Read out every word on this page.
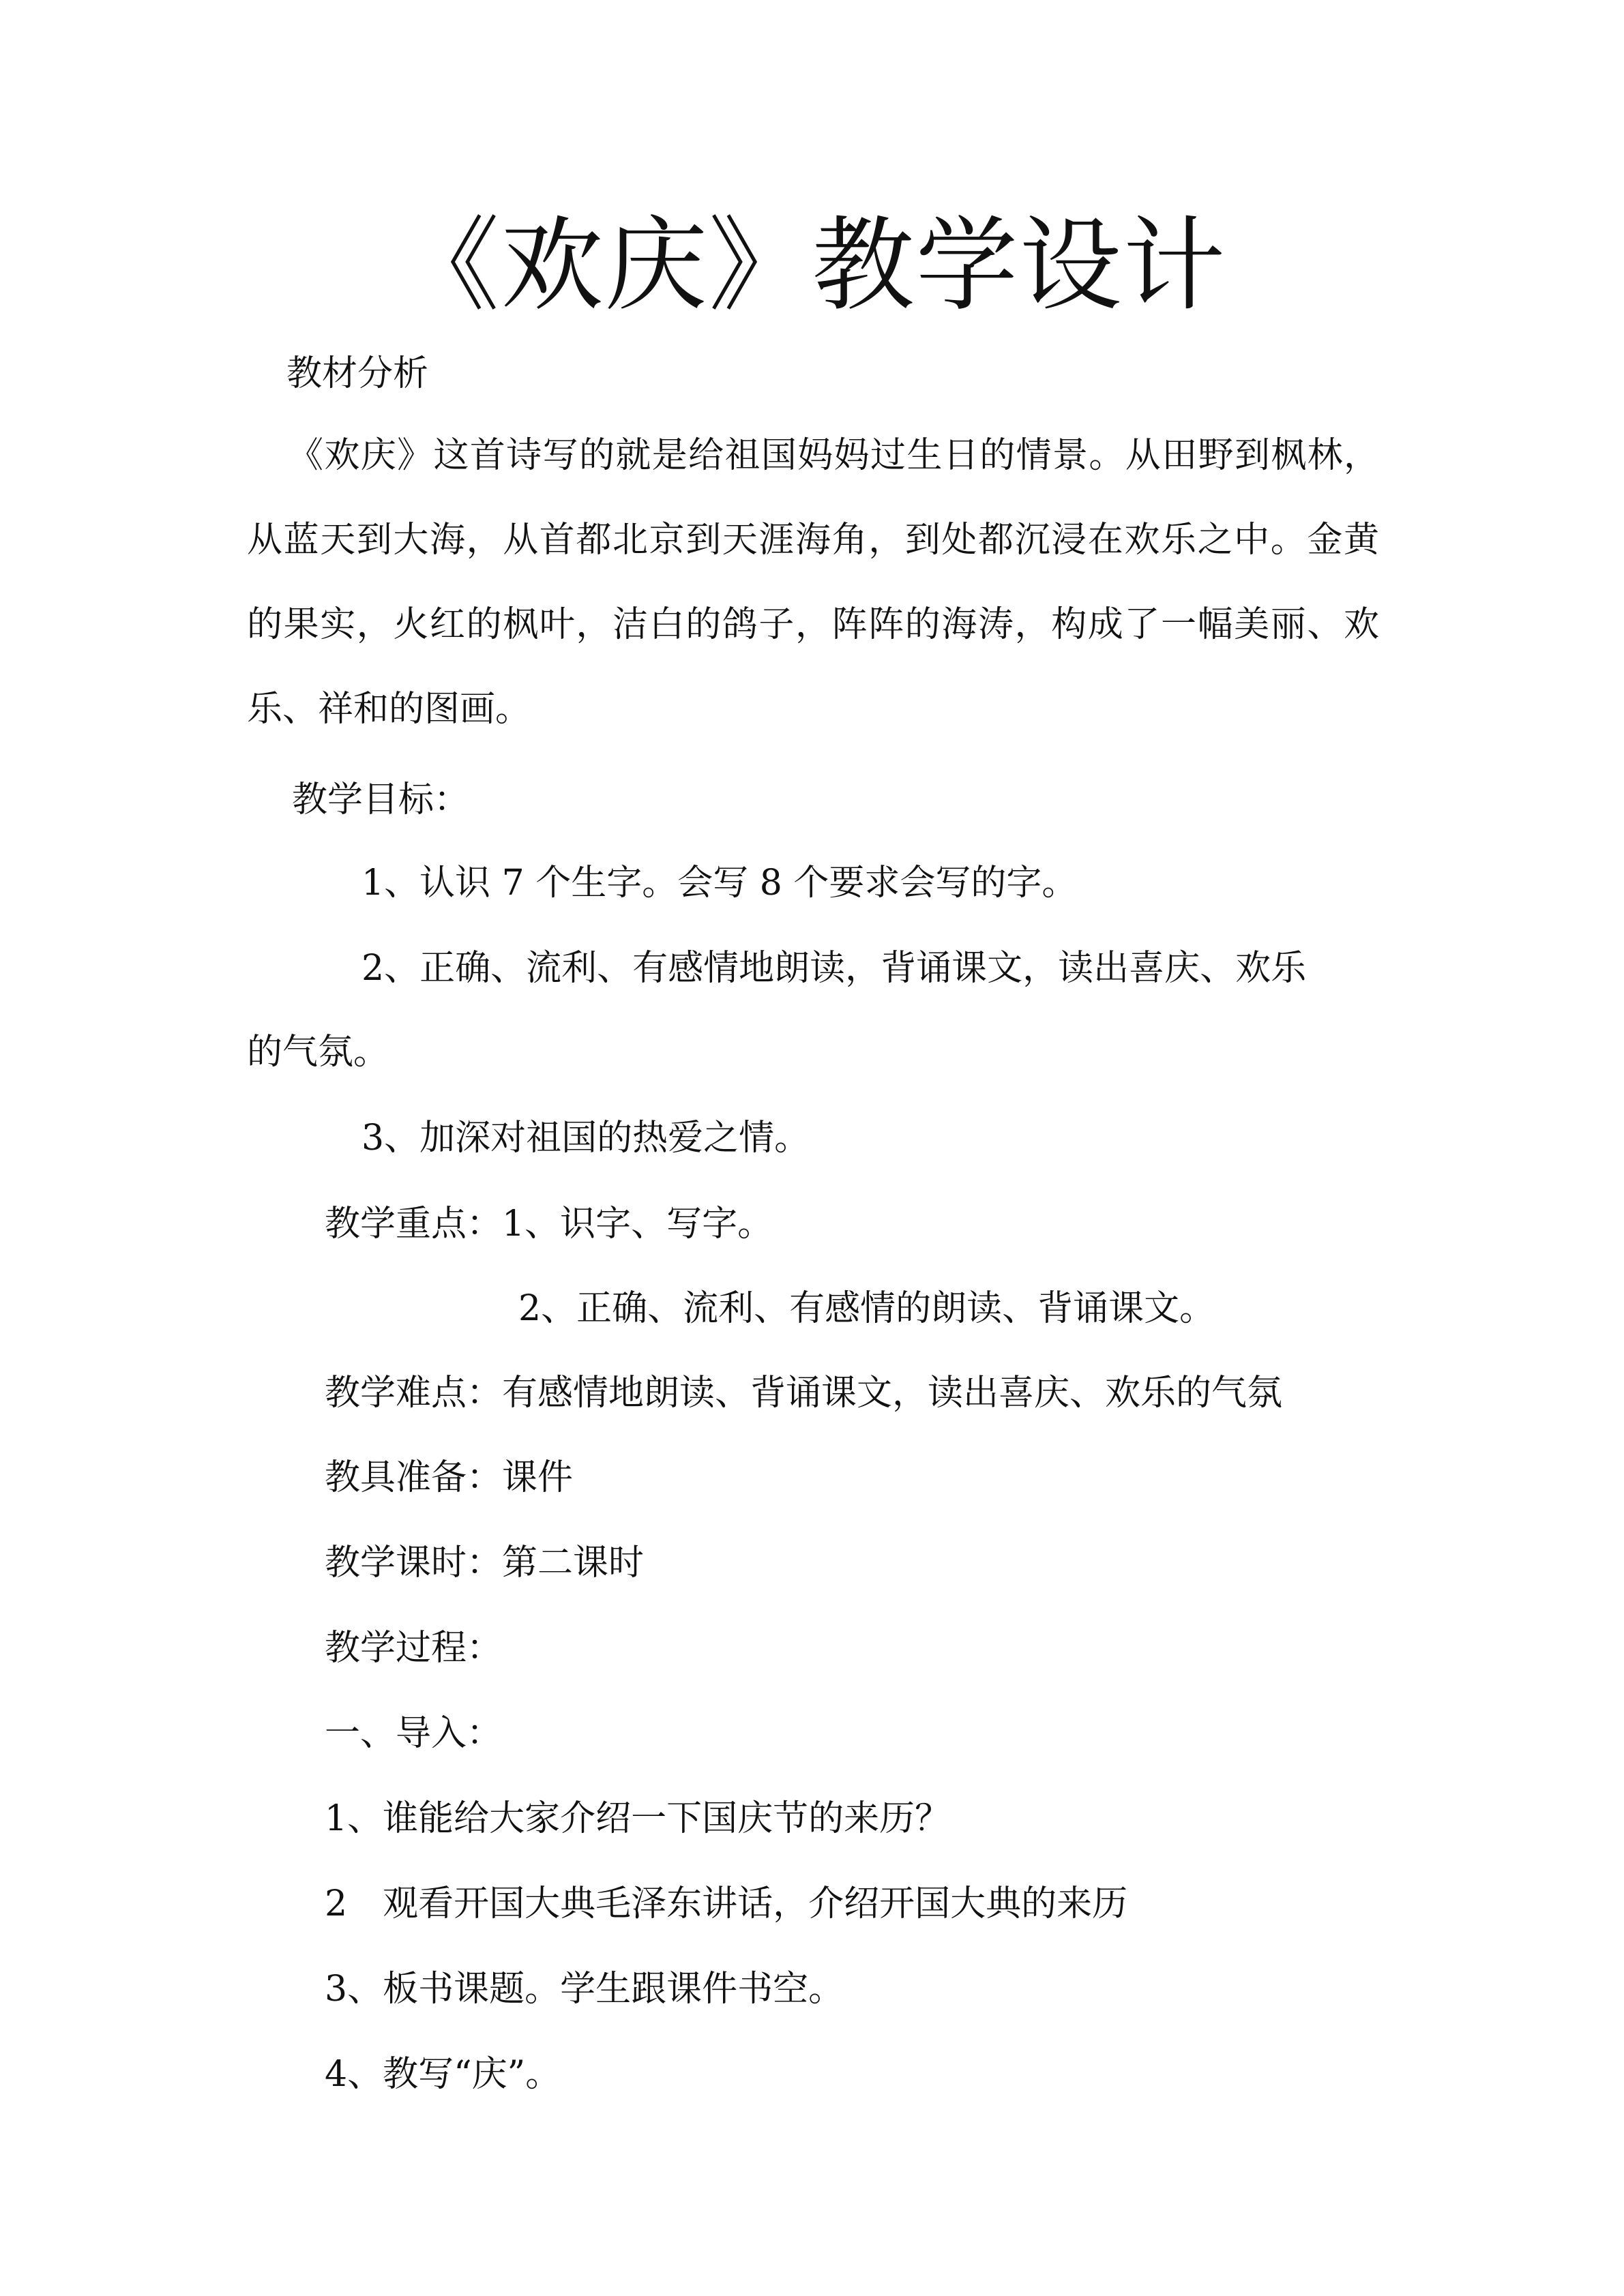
《欢庆》教学设计
教材分析

《欢庆》这首诗写的就是给祖国妈妈过生日的情景。从田野到枫林，从蓝天到大海，从首都北京到天涯海角，到处都沉浸在欢乐之中。金黄的果实，火红的枫叶，洁白的鸽子，阵阵的海涛，构成了一幅美丽、欢乐、祥和的图画。

教学目标：
1、认识 7 个生字。会写 8 个要求会写的字。
2、正确、流利、有感情地朗读，背诵课文，读出喜庆、欢乐
的气氛。
3、加深对祖国的热爱之情。
教学重点：1、识字、写字。
2、正确、流利、有感情的朗读、背诵课文。
教学难点：有感情地朗读、背诵课文，读出喜庆、欢乐的气氛
教具准备：课件
教学课时：第二课时
教学过程：
一、导入：
1、谁能给大家介绍一下国庆节的来历？
2　观看开国大典毛泽东讲话，介绍开国大典的来历
3、板书课题。学生跟课件书空。
4、教写“庆”。
